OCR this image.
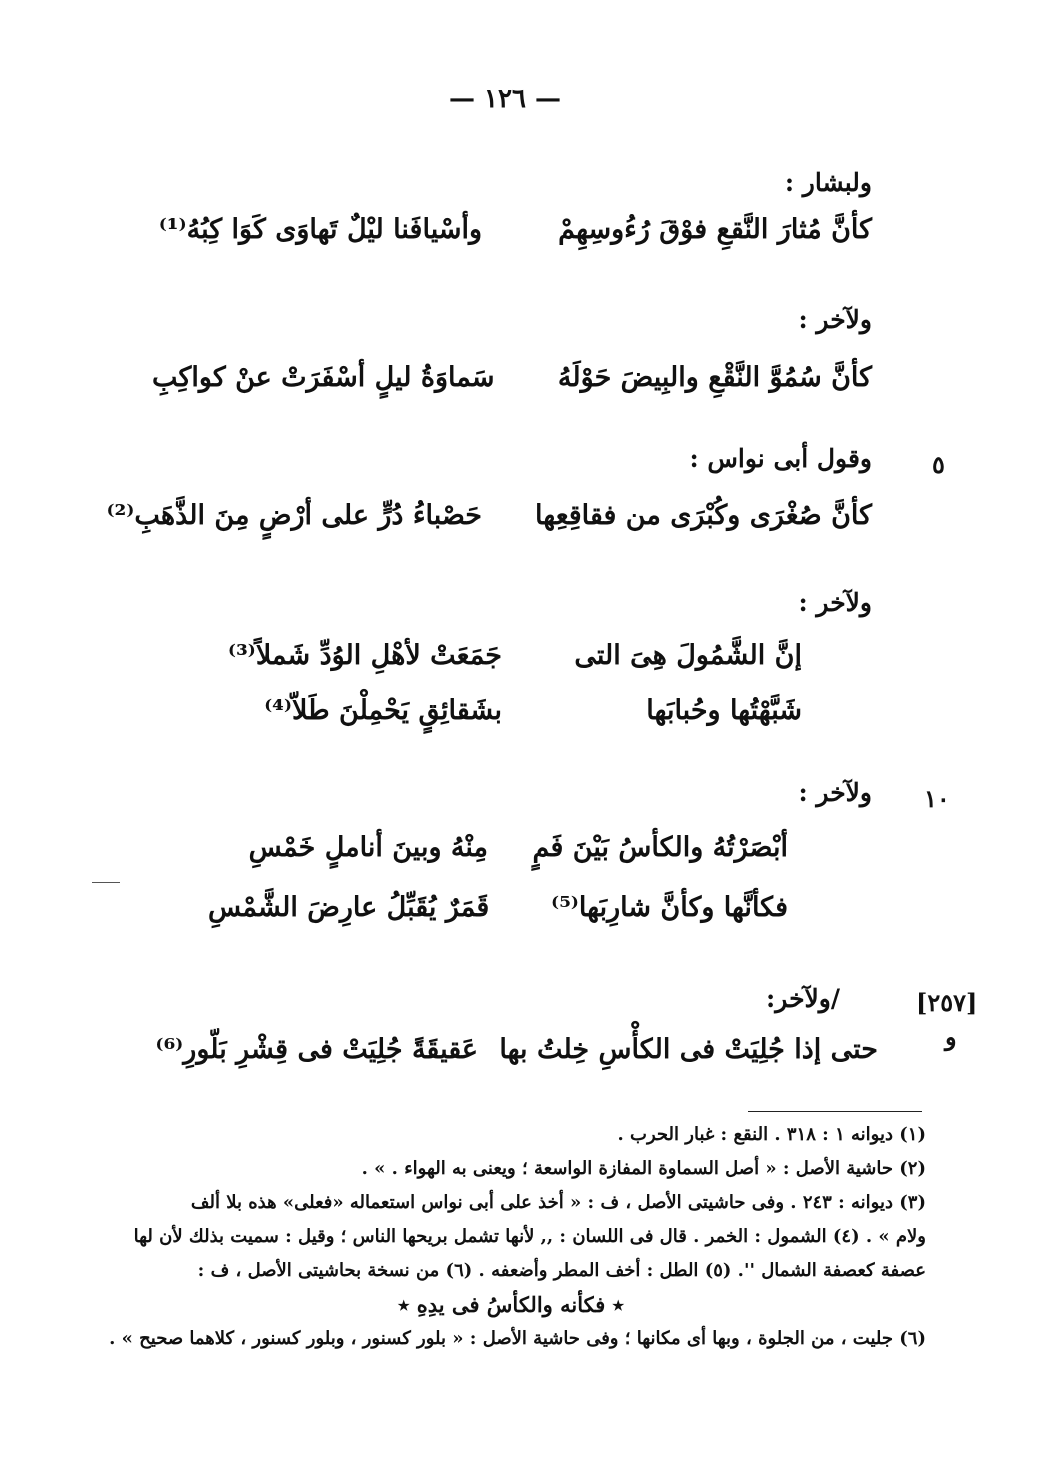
— ١٢٦ —
ولبشار :
كأنَّ مُثارَ النَّقعِ فوْقَ رُءُوسِهِمْ
وأسْيافَنا ليْلٌ تَهاوَى كَوَا كِبُهُ⁽¹⁾
ولآخر :
كأنَّ سُمُوَّ النَّقْعِ والبِيضَ حَوْلَهُ
سَماوَةُ ليلٍ أسْفَرَتْ عنْ كواكِبِ
٥
وقول أبى نواس :
كأنَّ صُغْرَى وكُبْرَى من فقاقِعِها
حَصْباءُ دُرٍّ على أرْضٍ مِنَ الذَّهَبِ⁽²⁾
ولآخر :
إنَّ الشَّمُولَ هِىَ التى
جَمَعَتْ لأهْلِ الوُدِّ شَملاً⁽³⁾
شَبَّهْتُها وحُبابَها
بشَقائِقٍ يَحْمِلْنَ طَلاّ⁽⁴⁾
١٠
ولآخر :
أبْصَرْتُهُ والكأسُ بَيْنَ فَمٍ
مِنْهُ وبينَ أناملٍ خَمْسِ
فكأنَّها وكأنَّ شارِبَها⁽⁵⁾
قَمَرٌ يُقَبِّلُ عارِضَ الشَّمْسِ
[٢٥٧]
و
/ولآخر:
حتى إذا جُلِيَتْ فى الكأْسِ خِلتُ بها
عَقيقَةً جُلِيَتْ فى قِشْرِ بَلّورِ⁽⁶⁾
(١) ديوانه ١ : ٣١٨ . النقع : غبار الحرب .
(٢) حاشية الأصل : « أصل السماوة المفازة الواسعة ؛ ويعنى به الهواء . » .
(٣) ديوانه : ٢٤٣ . وفى حاشيتى الأصل ، ف : « أخذ على أبى نواس استعماله «فعلى» هذه بلا ألف
ولام » . (٤) الشمول : الخمر . قال فى اللسان : ,, لأنها تشمل بريحها الناس ؛ وقيل : سميت بذلك لأن لها
عصفة كعصفة الشمال ''. (٥) الطل : أخف المطر وأضعفه . (٦) من نسخة بحاشيتى الأصل ، ف :
٭ فكأنه والكأسُ فى يدِهِ ٭
(٦) جليت ، من الجلوة ، وبها أى مكانها ؛ وفى حاشية الأصل : « بلور كسنور ، وبلور كسنور ، كلاهما صحيح » .
